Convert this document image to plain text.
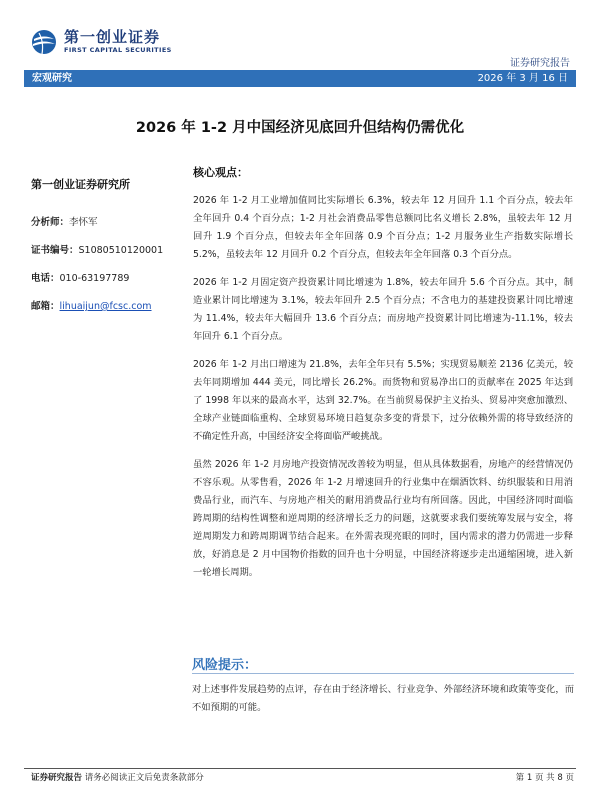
第一创业证券
FIRST CAPITAL SECURITIES
证券研究报告
宏观研究	2026 年 3 月 16 日
2026 年 1-2 月中国经济见底回升但结构仍需优化
第一创业证券研究所
分析师：李怀军
证书编号：S1080510120001
电话：010-63197789
邮箱：lihuaijun@fcsc.com
核心观点：

2026 年 1-2 月工业增加值同比实际增长 6.3%，较去年 12 月回升 1.1 个百分点，较去年全年回升 0.4 个百分点；1-2 月社会消费品零售总额同比名义增长 2.8%，虽较去年 12 月回升 1.9 个百分点，但较去年全年回落 0.9 个百分点；1-2 月服务业生产指数实际增长 5.2%，虽较去年 12 月回升 0.2 个百分点，但较去年全年回落 0.3 个百分点。

2026 年 1-2 月固定资产投资累计同比增速为 1.8%，较去年回升 5.6 个百分点。其中，制造业累计同比增速为 3.1%，较去年回升 2.5 个百分点；不含电力的基建投资累计同比增速为 11.4%，较去年大幅回升 13.6 个百分点；而房地产投资累计同比增速为-11.1%，较去年回升 6.1 个百分点。

2026 年 1-2 月出口增速为 21.8%，去年全年只有 5.5%；实现贸易顺差 2136 亿美元，较去年同期增加 444 美元，同比增长 26.2%。而货物和贸易净出口的贡献率在 2025 年达到了 1998 年以来的最高水平，达到 32.7%。在当前贸易保护主义抬头、贸易冲突愈加激烈、全球产业链面临重构、全球贸易环境日趋复杂多变的背景下，过分依赖外需的将导致经济的不确定性升高，中国经济安全将面临严峻挑战。

虽然 2026 年 1-2 月房地产投资情况改善较为明显，但从具体数据看，房地产的经营情况仍不容乐观。从零售看，2026 年 1-2 月增速回升的行业集中在烟酒饮料、纺织服装和日用消费品行业，而汽车、与房地产相关的耐用消费品行业均有所回落。因此，中国经济同时面临跨周期的结构性调整和逆周期的经济增长乏力的问题，这就要求我们要统筹发展与安全，将逆周期发力和跨周期调节结合起来。在外需表现亮眼的同时，国内需求的潜力仍需进一步释放，好消息是 2 月中国物价指数的回升也十分明显，中国经济将逐步走出通缩困境，进入新一轮增长周期。

风险提示：
对上述事件发展趋势的点评，存在由于经济增长、行业竞争、外部经济环境和政策等变化，而不如预期的可能。
证券研究报告 请务必阅读正文后免责条款部分	第 1 页 共 8 页
